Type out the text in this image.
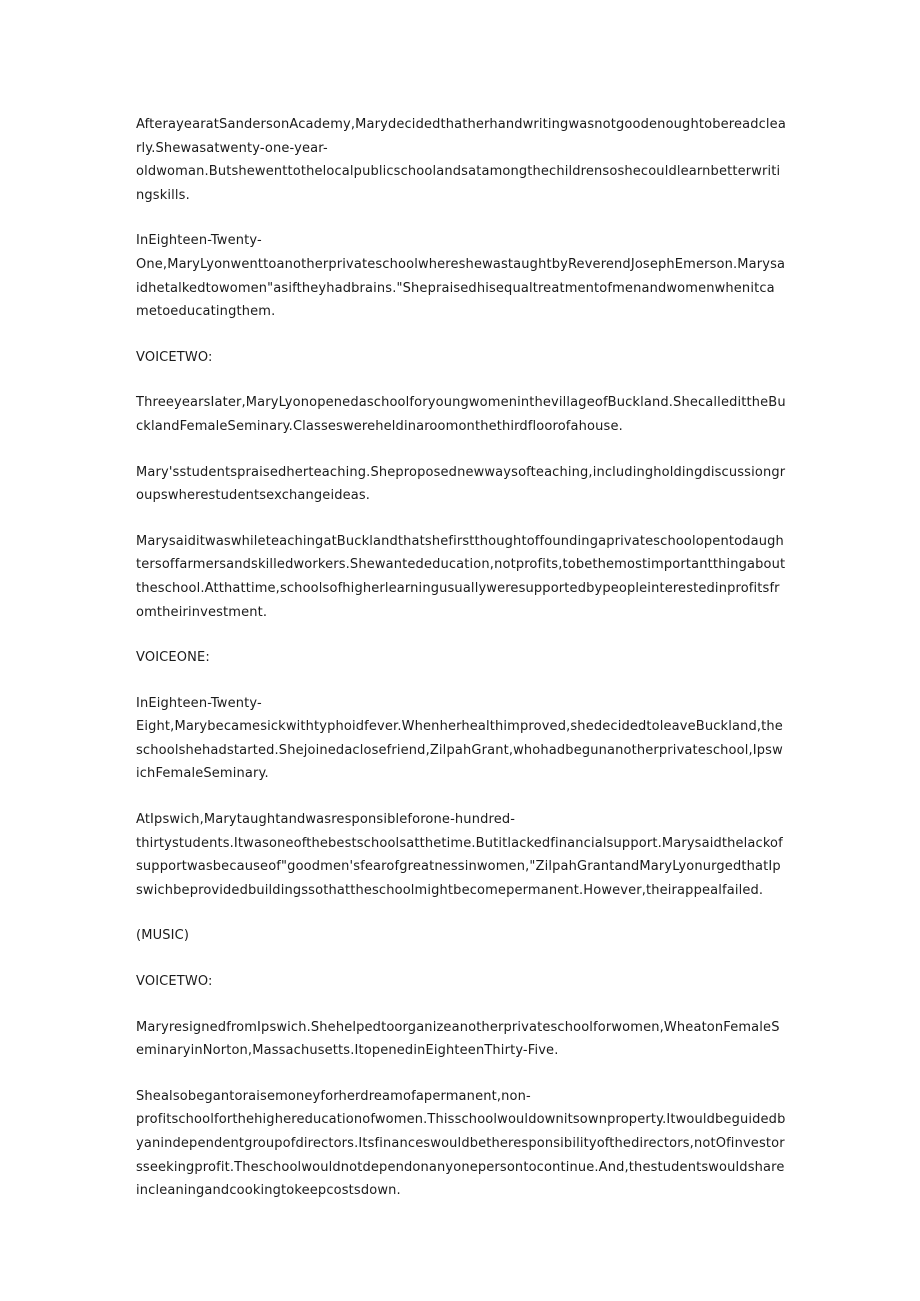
AfterayearatSandersonAcademy,Marydecidedthatherhandwritingwasnotgoodenoughtobereadclearly.Shewasatwenty-one-year-
oldwoman.Butshewenttothelocalpublicschoolandsatamongthechildrensoshecouldlearnbetterwritingskills.

InEighteen-Twenty-
One,MaryLyonwenttoanotherprivateschoolwhereshewastaughtbyReverendJosephEmerson.Marysaidhetalkedtowomen"asiftheyhadbrains."Shepraisedhisequaltreatmentofmenandwomenwhenitcametoeducatingthem.

VOICETWO:

ThreeyearsIater,MaryLyonopenedaschoolforyoungwomeninthevillageofBuckland.ShecalledittheBucklandFemaleSeminary.Classeswereheldinaroomonthethirdfloorofahouse.

Mary'sstudentspraisedherteaching.Sheproposednewwaysofteaching,includingholdingdiscussiongroupswherestudentsexchangeideas.

MarysaiditwaswhileteachingatBucklandthatshefirstthoughtoffoundingaprivateschoolopentodaughtersoffarmersandskilledworkers.Shewantededucation,notprofits,tobethemostimportantthingabouttheschool.Atthattime,schoolsofhigherlearningusuallyweresupportedbypeopleinterestedinprofitsfromtheirinvestment.

VOICEONE:

InEighteen-Twenty-
Eight,Marybecamesickwithtyphoidfever.Whenherhealthimproved,shedecidedtoleaveBuckland,theschoolshehadstarted.Shejoinedaclosefriend,ZilpahGrant,whohadbegunanotherprivateschool,IpswichFemaleSeminary.

AtIpswich,Marytaughtandwasresponsibleforone-hundred-
thirtystudents.Itwasoneofthebestschoolsatthetime.Butitlackedfinancialsupport.Marysaidthelackofsupportwasbecauseof"goodmen'sfearofgreatnessinwomen,"ZilpahGrantandMaryLyonurgedthatIpswichbeprovidedbuildingssothattheschoolmightbecomepermanent.However,theirappealfailed.

(MUSIC)

VOICETWO:

MaryresignedfromIpswich.Shehelpedtoorganizeanotherprivateschoolforwomen,WheatonFemaleSeminaryinNorton,Massachusetts.ItopenedinEighteenThirty-Five.

Shealsobegantoraisemoneyforherdreamofapermanent,non-
profitschoolforthehighereducationofwomen.Thisschoolwouldownitsownproperty.Itwouldbeguidedbyanindependentgroupofdirectors.Itsfinanceswouldbetheresponsibilityofthedirectors,notOfinvestorsseekingprofit.Theschoolwouldnotdependonanyonepersontocontinue.And,thestudentswouldshareincleaningandcookingtokeepcostsdown.
